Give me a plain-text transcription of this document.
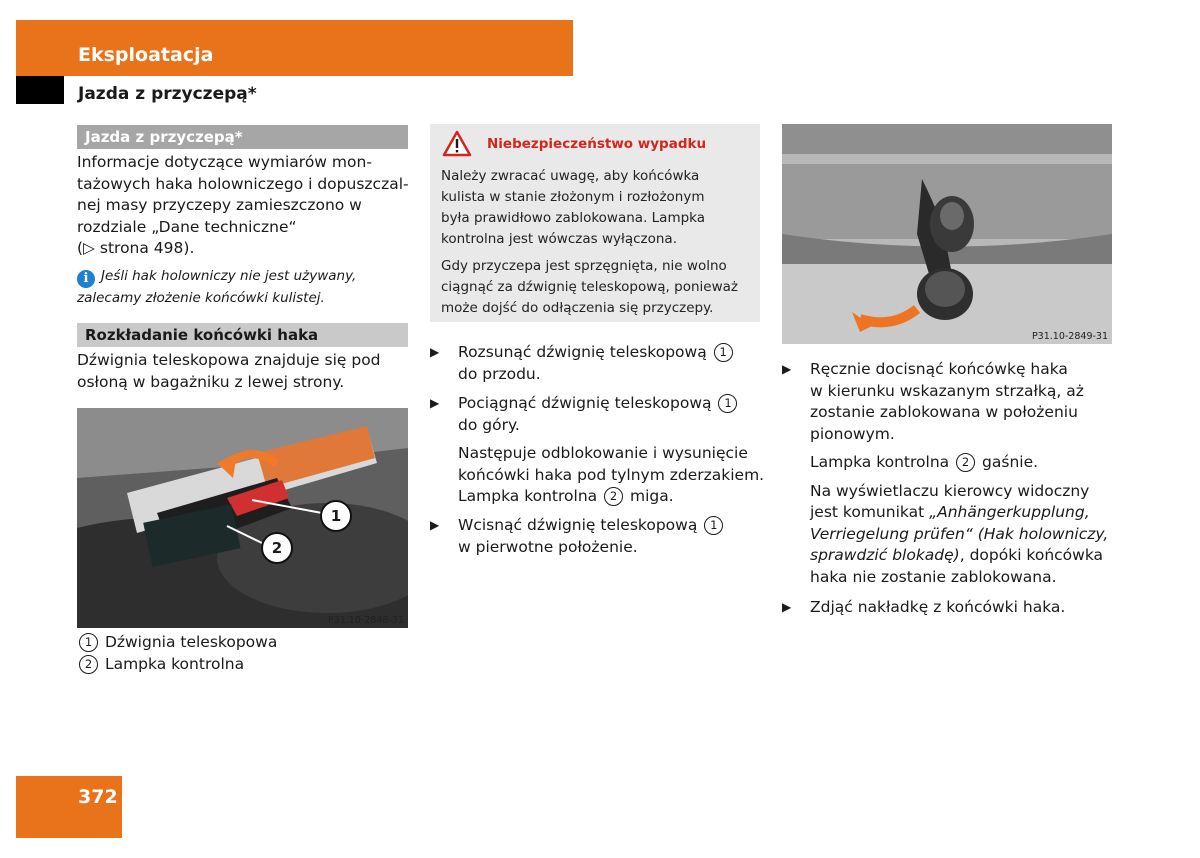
Eksploatacja
Jazda z przyczepą*
Jazda z przyczepą*
Informacje dotyczące wymiarów mon-
tażowych haka holowniczego i dopuszczal-
nej masy przyczepy zamieszczono w
rozdziale „Dane techniczne“
(▷ strona 498).
i Jeśli hak holowniczy nie jest używany,
zalecamy złożenie końcówki kulistej.
Rozkładanie końcówki haka
Dźwignia teleskopowa znajduje się pod
osłoną w bagażniku z lewej strony.
1
2
P31.10-2848-31
1 Dźwignia teleskopowa
2 Lampka kontrolna
Niebezpieczeństwo wypadku
Należy zwracać uwagę, aby końcówka
kulista w stanie złożonym i rozłożonym
była prawidłowo zablokowana. Lampka
kontrolna jest wówczas wyłączona.
Gdy przyczepa jest sprzęgnięta, nie wolno
ciągnąć za dźwignię teleskopową, ponieważ
może dojść do odłączenia się przyczepy.
▶ Rozsunąć dźwignię teleskopową 1
do przodu.
▶ Pociągnąć dźwignię teleskopową 1
do góry.
Następuje odblokowanie i wysunięcie
końcówki haka pod tylnym zderzakiem.
Lampka kontrolna 2 miga.
▶ Wcisnąć dźwignię teleskopową 1
w pierwotne położenie.
P31.10-2849-31
▶ Ręcznie docisnąć końcówkę haka
w kierunku wskazanym strzałką, aż
zostanie zablokowana w położeniu
pionowym.
Lampka kontrolna 2 gaśnie.
Na wyświetlaczu kierowcy widoczny
jest komunikat „Anhängerkupplung,
Verriegelung prüfen“ (Hak holowniczy,
sprawdzić blokadę), dopóki końcówka
haka nie zostanie zablokowana.
▶ Zdjąć nakładkę z końcówki haka.
372
